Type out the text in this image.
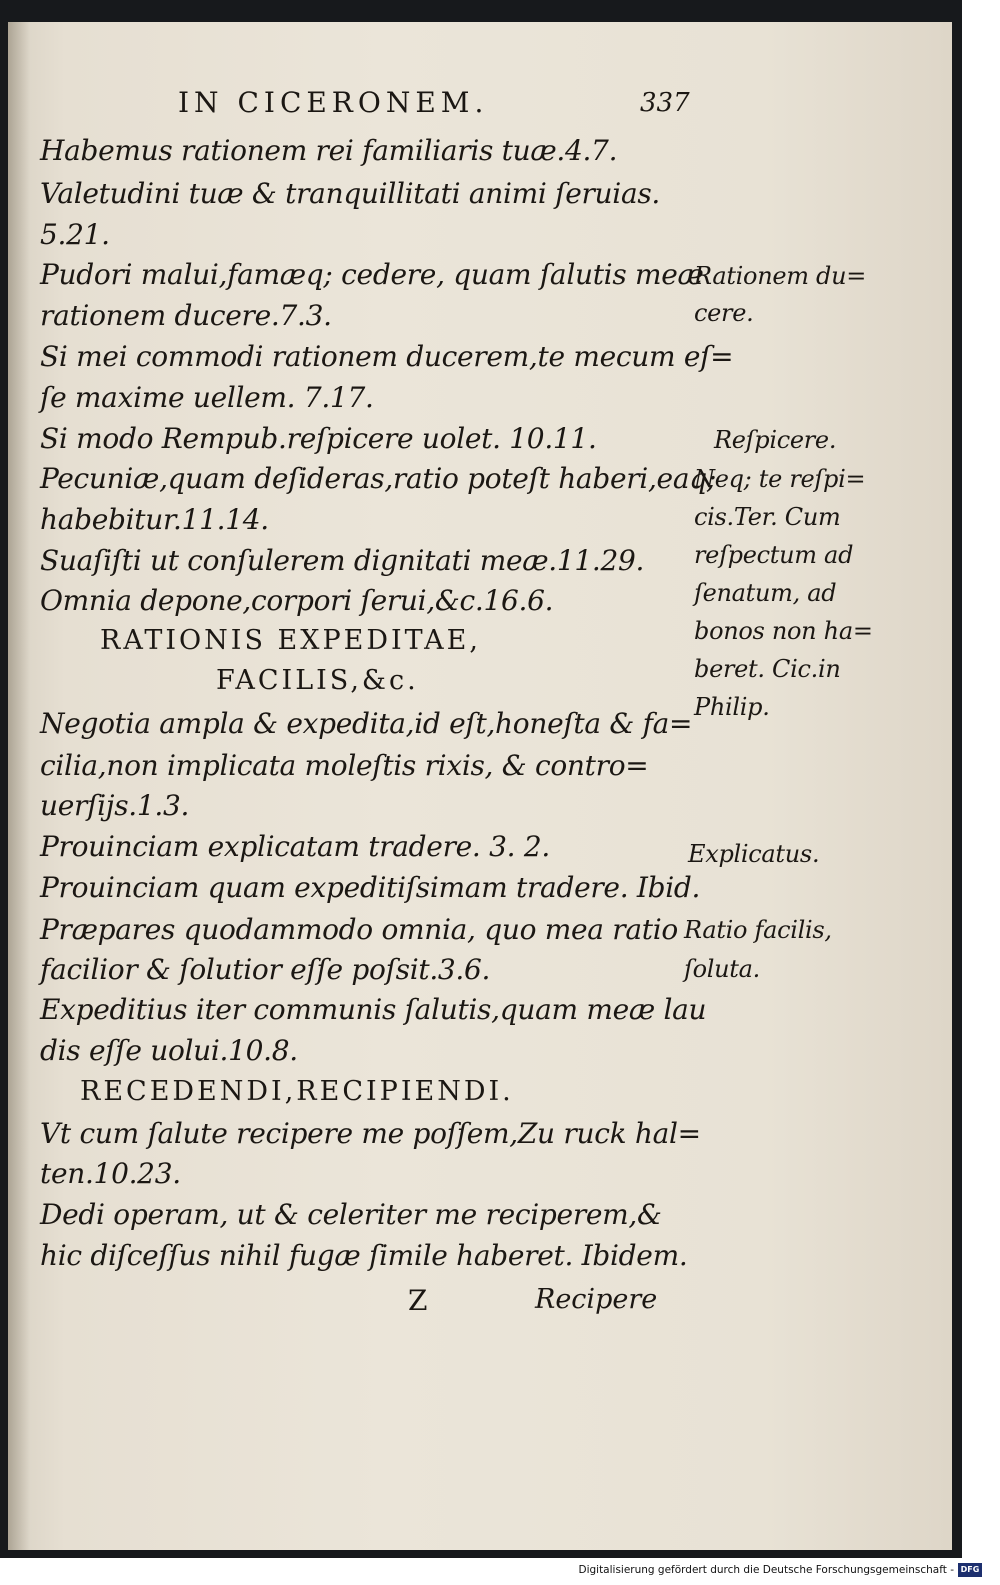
IN CICERONEM.	337
Habemus rationem rei familiaris tuæ.4.7.
Valetudini tuæ & tranquillitati animi ſeruias.
5.21.
Pudori malui,famæq; cedere, quam ſalutis meæ
rationem ducere.7.3.
Si mei commodi rationem ducerem,te mecum eſ=
ſe maxime uellem. 7.17.
Si modo Rempub.reſpicere uolet. 10.11.
Pecuniæ,quam deſideras,ratio poteſt haberi,eaq;
habebitur.11.14.
Suaſiſti ut conſulerem dignitati meæ.11.29.
Omnia depone,corpori ſerui,&c.16.6.
RATIONIS EXPEDITAE,
FACILIS,&c.
Negotia ampla & expedita,id eſt,honeſta & fa=
cilia,non implicata moleſtis rixis, & contro=
uerſijs.1.3.
Prouinciam explicatam tradere. 3. 2.
Prouinciam quam expeditiſsimam tradere. Ibid.
Præpares quodammodo omnia, quo mea ratio
facilior & ſolutior eſſe poſsit.3.6.
Expeditius iter communis ſalutis,quam meæ lau
dis eſſe uolui.10.8.
RECEDENDI,RECIPIENDI.
Vt cum ſalute recipere me poſſem,Zu ruck hal=
ten.10.23.
Dedi operam, ut & celeriter me reciperem,&
hic diſceſſus nihil fugæ ſimile haberet. Ibidem.
Z	Recipere
Rationem du=
cere.
Reſpicere.
Neq; te reſpi=
cis.Ter. Cum
reſpectum ad
ſenatum, ad
bonos non ha=
beret. Cic.in
Philip.
Explicatus.
Ratio facilis,
ſoluta.
Digitalisierung gefördert durch die Deutsche Forschungsgemeinschaft - DFG
